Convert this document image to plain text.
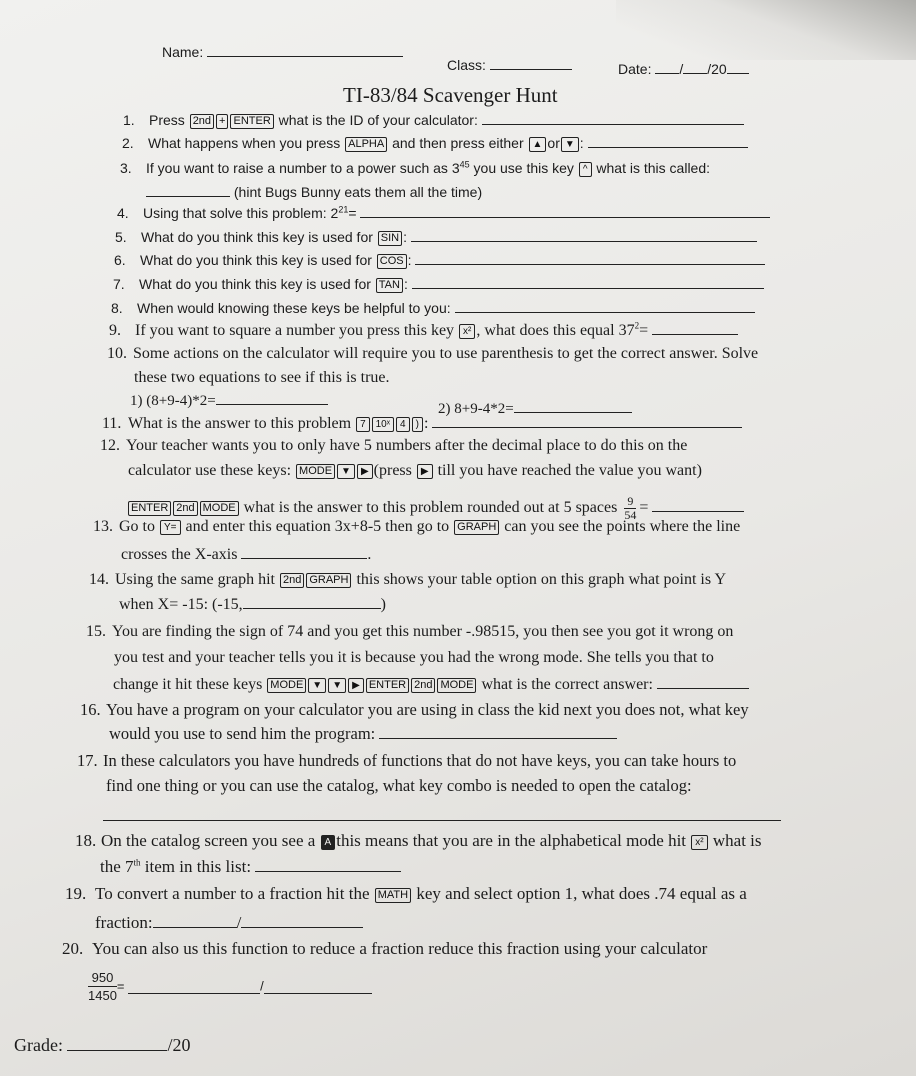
Name:
Class:	Date: / /20
TI-83/84 Scavenger Hunt
1. Press 2nd + ENTER what is the ID of your calculator:
2. What happens when you press ALPHA and then press either ▲ or ▼ :
3. If you want to raise a number to a power such as $3^{45}$ you use this key ^ what is this called:
(hint Bugs Bunny eats them all the time)
4. Using that solve this problem: $2^{21}=$
5. What do you think this key is used for SIN :
6. What do you think this key is used for COS :
7. What do you think this key is used for TAN :
8. When would knowing these keys be helpful to you:
9. If you want to square a number you press this key x² , what does this equal $37^2=$
10. Some actions on the calculator will require you to use parenthesis to get the correct answer. Solve
these two equations to see if this is true.
1) (8+9-4)*2=	2) 8+9-4*2=
11. What is the answer to this problem 7 10ˣ 4 ) :
12. Your teacher wants you to only have 5 numbers after the decimal place to do this on the
calculator use these keys: MODE ▼ ▶ (press ▶ till you have reached the value you want)
ENTER 2nd MODE what is the answer to this problem rounded out at 5 spaces $\frac{9}{54}$ =
13. Go to Y= and enter this equation 3x+8-5 then go to GRAPH can you see the points where the line
crosses the X-axis	.
14. Using the same graph hit 2nd GRAPH this shows your table option on this graph what point is Y
when X= -15: (-15,	)
15. You are finding the sign of 74 and you get this number -.98515, you then see you got it wrong on
you test and your teacher tells you it is because you had the wrong mode. She tells you that to
change it hit these keys MODE ▼ ▼ ▶ ENTER 2nd MODE what is the correct answer:
16. You have a program on your calculator you are using in class the kid next you does not, what key
would you use to send him the program:
17. In these calculators you have hundreds of functions that do not have keys, you can take hours to
find one thing or you can use the catalog, what key combo is needed to open the catalog:
18. On the catalog screen you see a A this means that you are in the alphabetical mode hit x² what is
the 7th item in this list:
19. To convert a number to a fraction hit the MATH key and select option 1, what does .74 equal as a
fraction:	/
20. You can also us this function to reduce a fraction reduce this fraction using your calculator
$\frac{950}{1450}$ =	/
Grade:	/20
